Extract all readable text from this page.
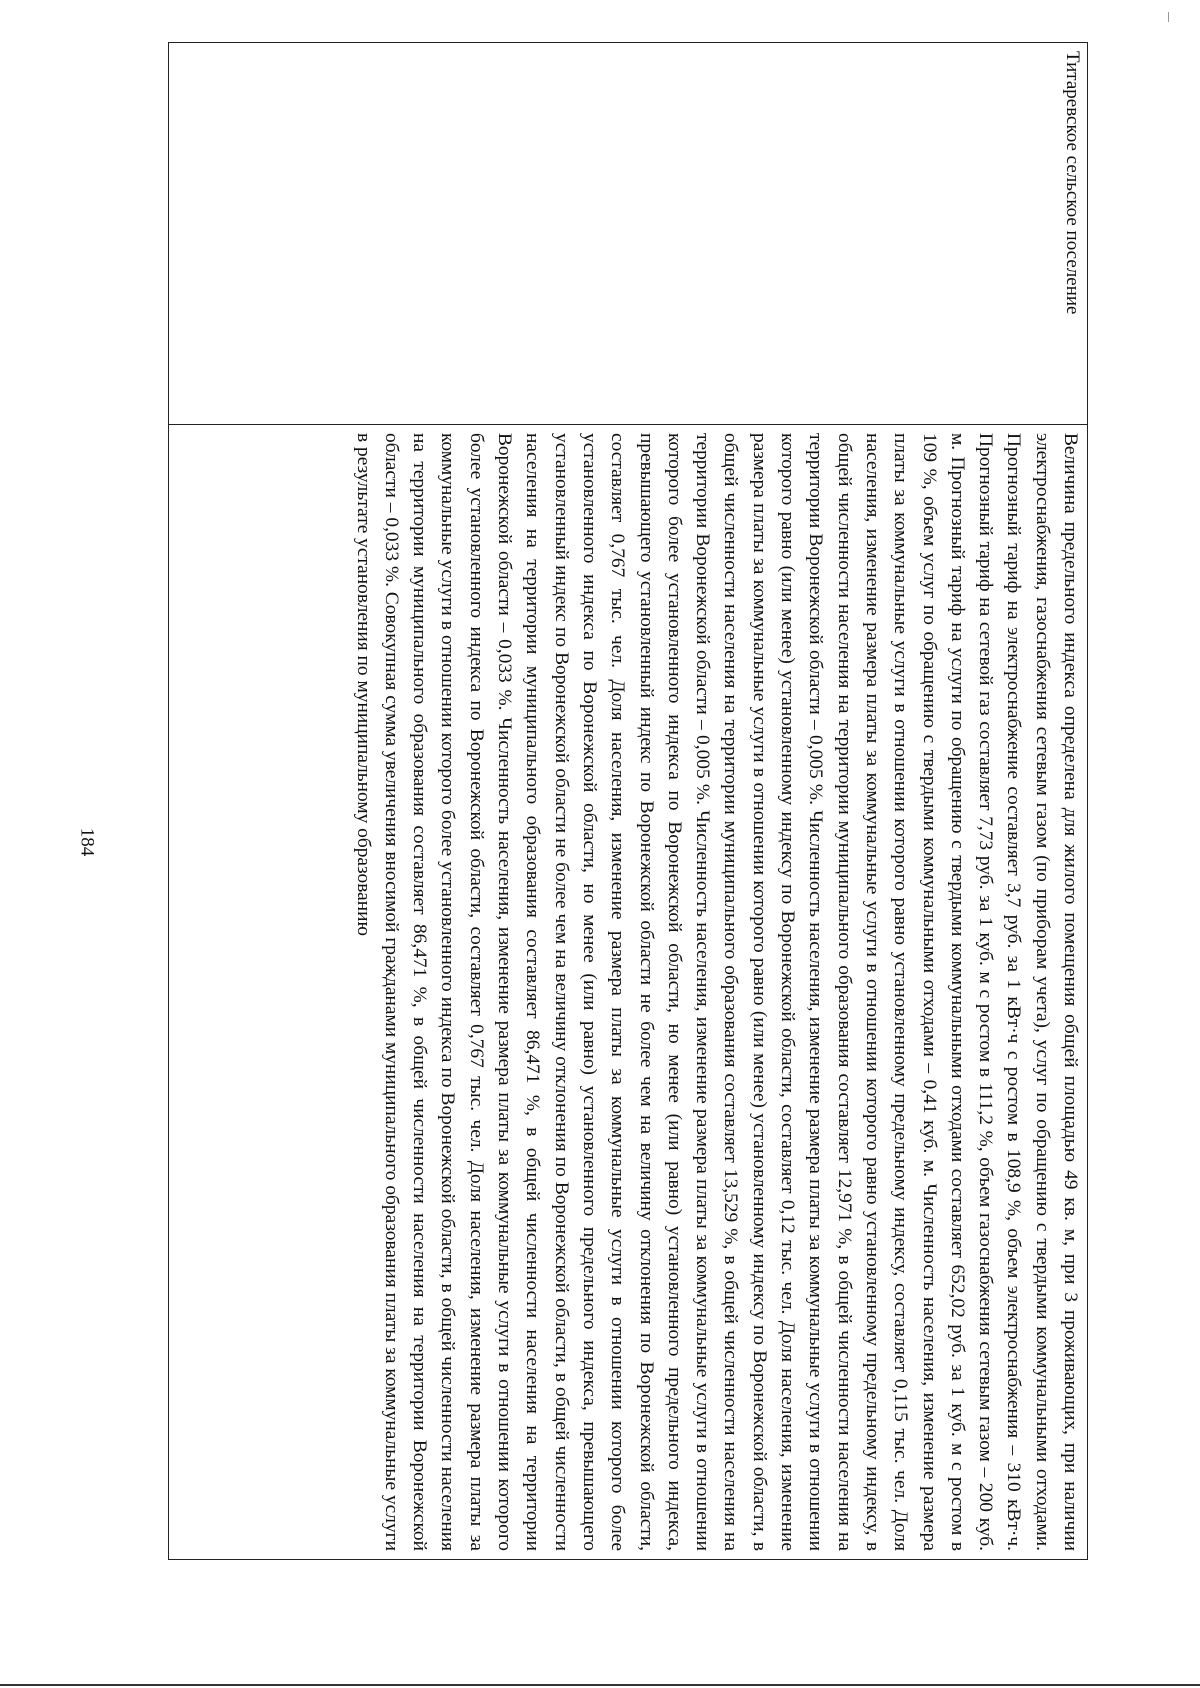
184
Титаревское сельское поселение
Величина предельного индекса определена для жилого помещения общей площадью 49 кв. м, при 3 проживающих, при наличии электроснабжения, газоснабжения сетевым газом (по приборам учета), услуг по обращению с твердыми коммунальными отходами. Прогнозный тариф на электроснабжение составляет 3,7 руб. за 1 кВт·ч с ростом в 108,9 %, объем электроснабжения – 310 кВт·ч. Прогнозный тариф на сетевой газ составляет 7,73 руб. за 1 куб. м с ростом в 111,2 %, объем газоснабжения сетевым газом – 200 куб. м. Прогнозный тариф на услуги по обращению с твердыми коммунальными отходами составляет 652,02 руб. за 1 куб. м с ростом в 109 %, объем услуг по обращению с твердыми коммунальными отходами – 0,41 куб. м. Численность населения, изменение размера платы за коммунальные услуги в отношении которого равно установленному предельному индексу, составляет 0,115 тыс. чел. Доля населения, изменение размера платы за коммунальные услуги в отношении которого равно установленному предельному индексу, в общей численности населения на территории муниципального образования составляет 12,971 %, в общей численности населения на территории Воронежской области – 0,005 %. Численность населения, изменение размера платы за коммунальные услуги в отношении которого равно (или менее) установленному индексу по Воронежской области, составляет 0,12 тыс. чел. Доля населения, изменение размера платы за коммунальные услуги в отношении которого равно (или менее) установленному индексу по Воронежской области, в общей численности населения на территории муниципального образования составляет 13,529 %, в общей численности населения на территории Воронежской области – 0,005 %. Численность населения, изменение размера платы за коммунальные услуги в отношении которого более установленного индекса по Воронежской области, но менее (или равно) установленного предельного индекса, превышающего установленный индекс по Воронежской области не более чем на величину отклонения по Воронежской области, составляет 0,767 тыс. чел. Доля населения, изменение размера платы за коммунальные услуги в отношении которого более установленного индекса по Воронежской области, но менее (или равно) установленного предельного индекса, превышающего установленный индекс по Воронежской области не более чем на величину отклонения по Воронежской области, в общей численности населения на территории муниципального образования составляет 86,471 %, в общей численности населения на территории Воронежской области – 0,033 %. Численность населения, изменение размера платы за коммунальные услуги в отношении которого более установленного индекса по Воронежской области, составляет 0,767 тыс. чел. Доля населения, изменение размера платы за коммунальные услуги в отношении которого более установленного индекса по Воронежской области, в общей численности населения на территории муниципального образования составляет 86,471 %, в общей численности населения на территории Воронежской области – 0,033 %. Совокупная сумма увеличения вносимой гражданами муниципального образования платы за коммунальные услуги в результате установления по муниципальному образованию
